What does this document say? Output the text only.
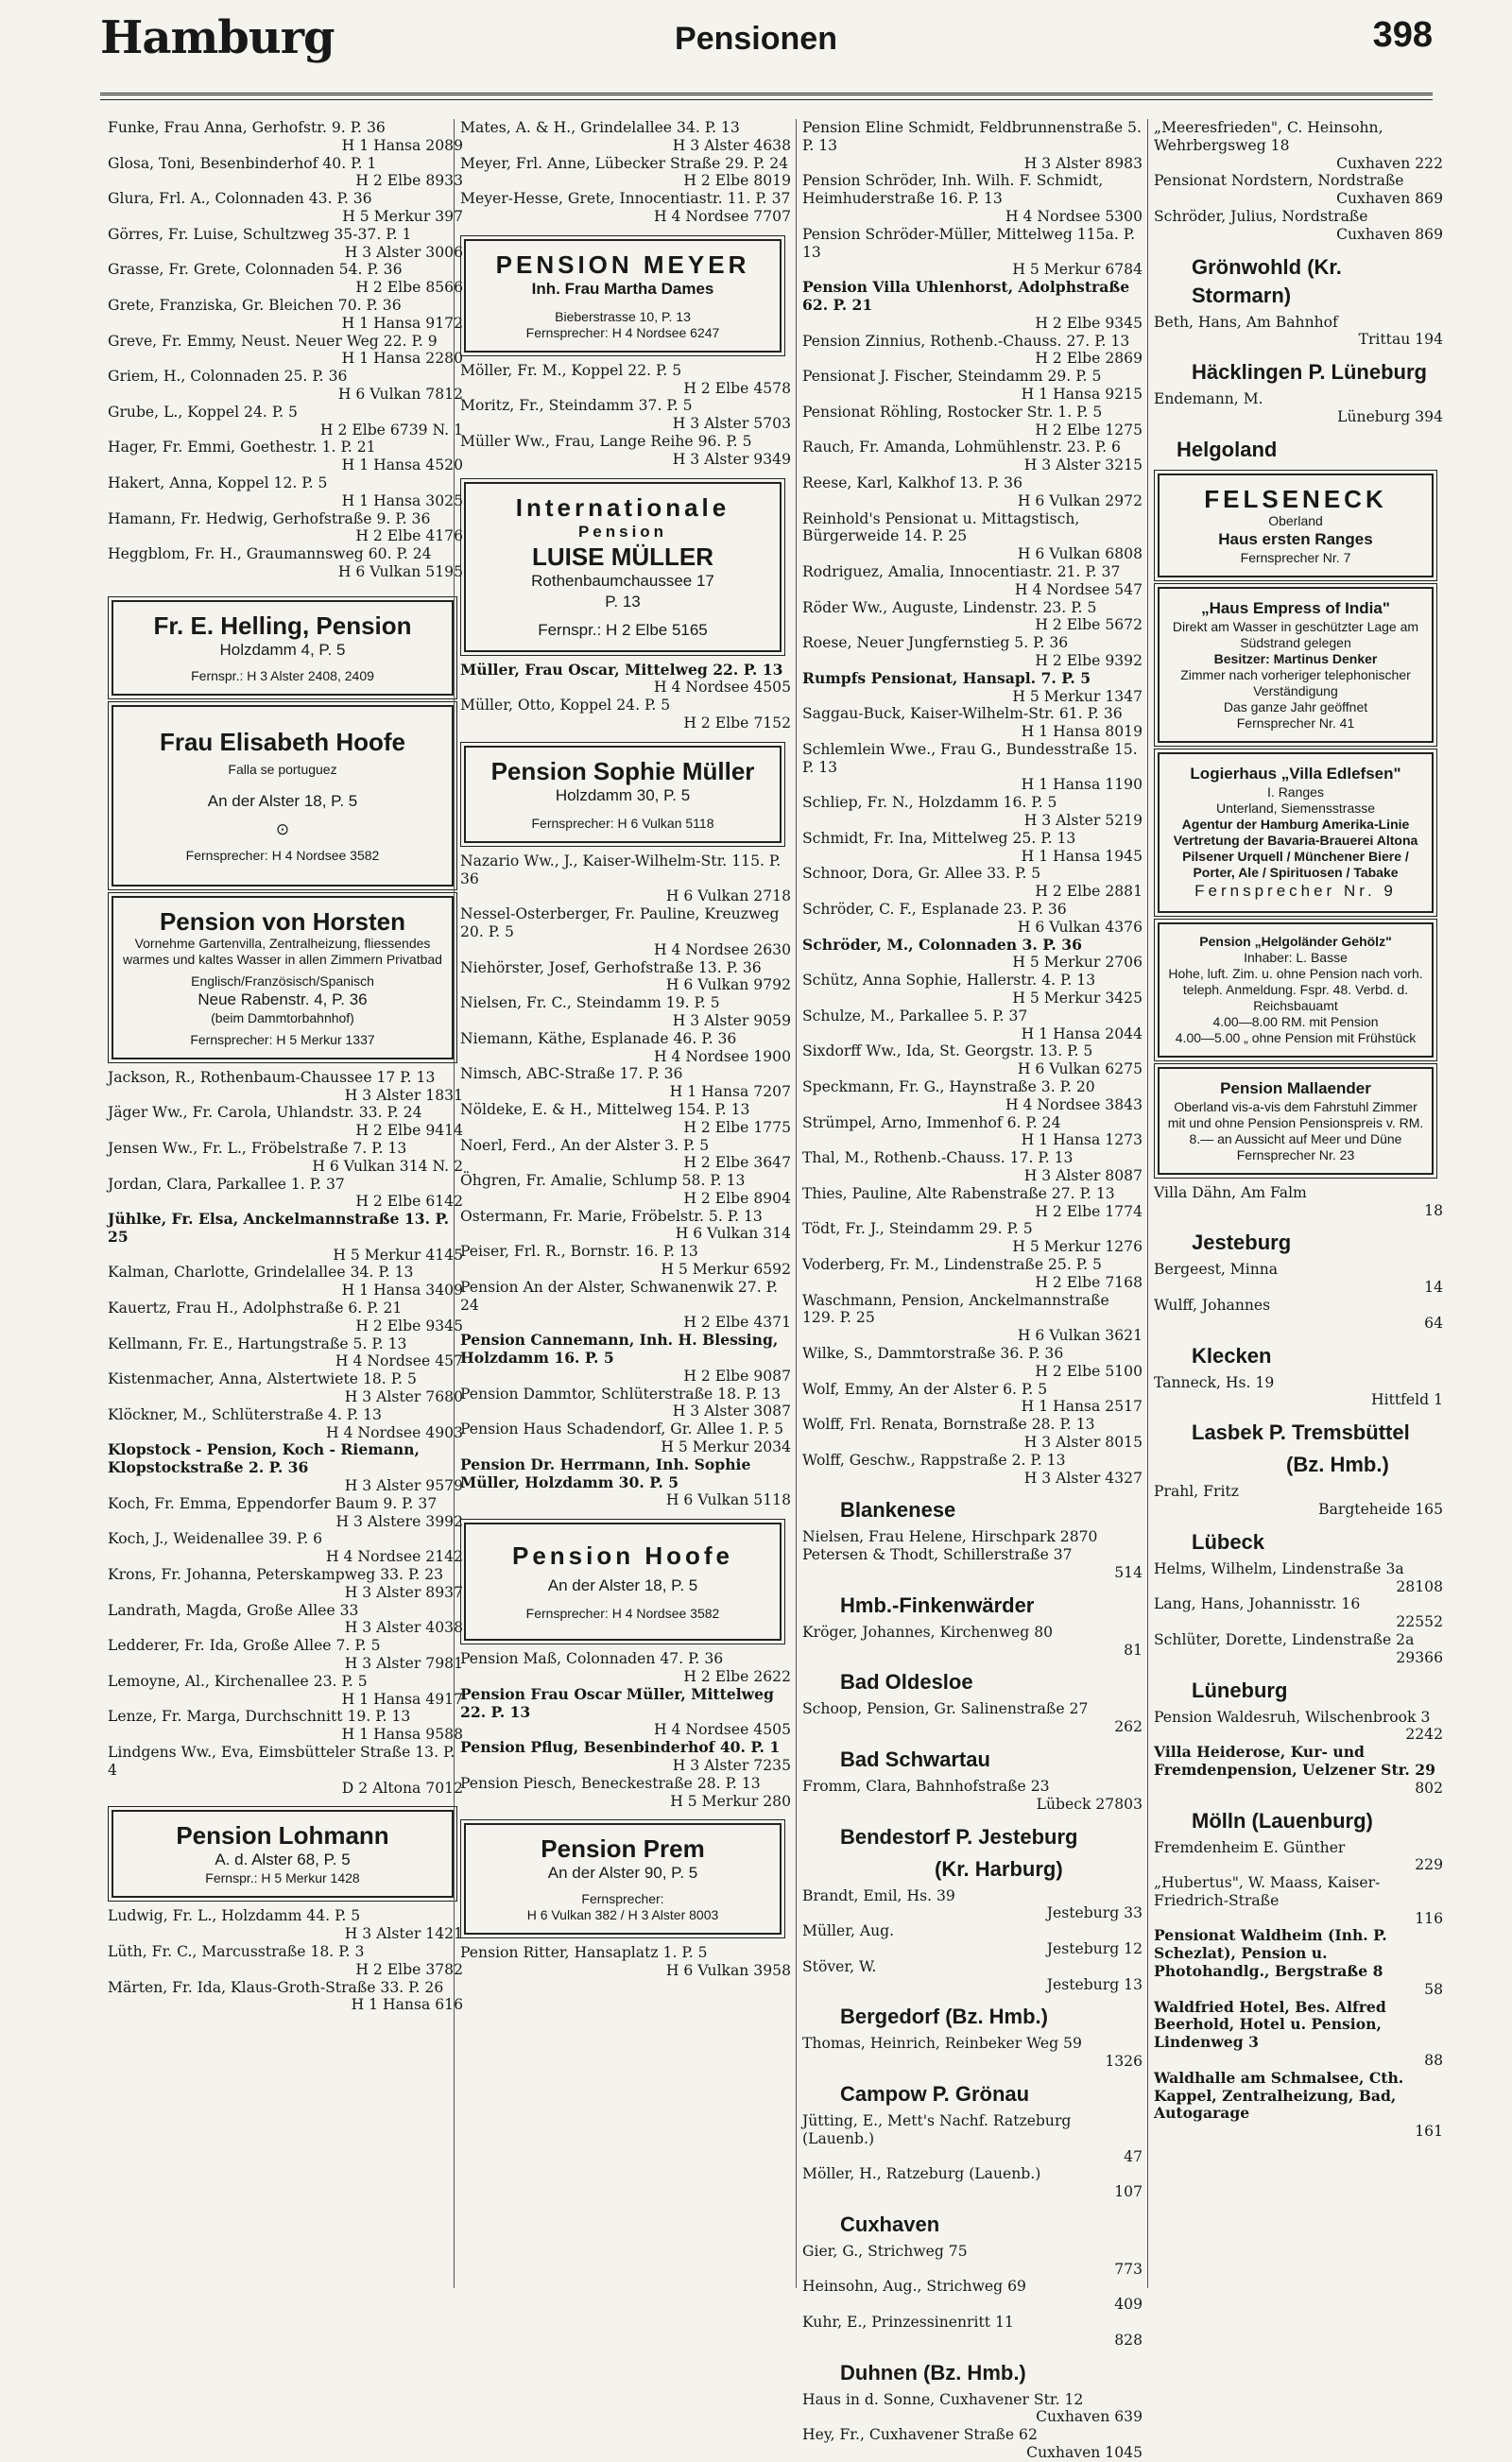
Hamburg	Pensionen	398

Funke, Frau Anna, Gerhofstr. 9. P. 36
H 1 Hansa 2089

Glosa, Toni, Besenbinderhof 40. P. 1
H 2 Elbe 8933

Glura, Frl. A., Colonnaden 43. P. 36
H 5 Merkur 397

Görres, Fr. Luise, Schultzweg 35-37. P. 1
H 3 Alster 3006

Grasse, Fr. Grete, Colonnaden 54. P. 36
H 2 Elbe 8566

Grete, Franziska, Gr. Bleichen 70. P. 36
H 1 Hansa 9172

Greve, Fr. Emmy, Neust. Neuer Weg 22. P. 9
H 1 Hansa 2280

Griem, H., Colonnaden 25. P. 36
H 6 Vulkan 7812

Grube, L., Koppel 24. P. 5
H 2 Elbe 6739 N. 1

Hager, Fr. Emmi, Goethestr. 1. P. 21
H 1 Hansa 4520

Hakert, Anna, Koppel 12. P. 5
H 1 Hansa 3025

Hamann, Fr. Hedwig, Gerhofstraße 9. P. 36
H 2 Elbe 4176

Heggblom, Fr. H., Graumannsweg 60. P. 24
H 6 Vulkan 5195

Fr. E. Helling, Pension
Holzdamm 4, P. 5
Fernspr.: H 3 Alster 2408, 2409
Frau Elisabeth Hoofe
Falla se portuguez
An der Alster 18, P. 5
⊙
Fernsprecher: H 4 Nordsee 3582
Pension von Horsten
Vornehme Gartenvilla, Zentralheizung, fliessendes warmes und kaltes Wasser in allen Zimmern Privatbad
Englisch/Französisch/Spanisch
Neue Rabenstr. 4, P. 36
(beim Dammtorbahnhof)
Fernsprecher: H 5 Merkur 1337

Jackson, R., Rothenbaum-Chaussee 17 P. 13
H 3 Alster 1831

Jäger Ww., Fr. Carola, Uhlandstr. 33. P. 24
H 2 Elbe 9414

Jensen Ww., Fr. L., Fröbelstraße 7. P. 13
H 6 Vulkan 314 N. 2

Jordan, Clara, Parkallee 1. P. 37
H 2 Elbe 6142

Jühlke, Fr. Elsa, Anckelmannstraße 13. P. 25
H 5 Merkur 4145

Kalman, Charlotte, Grindelallee 34. P. 13
H 1 Hansa 3409

Kauertz, Frau H., Adolphstraße 6. P. 21
H 2 Elbe 9345

Kellmann, Fr. E., Hartungstraße 5. P. 13
H 4 Nordsee 457

Kistenmacher, Anna, Alstertwiete 18. P. 5
H 3 Alster 7680

Klöckner, M., Schlüterstraße 4. P. 13
H 4 Nordsee 4903

Klopstock - Pension, Koch - Riemann, Klopstockstraße 2. P. 36
H 3 Alster 9579

Koch, Fr. Emma, Eppendorfer Baum 9. P. 37
H 3 Alstere 3992

Koch, J., Weidenallee 39. P. 6
H 4 Nordsee 2142

Krons, Fr. Johanna, Peterskampweg 33. P. 23
H 3 Alster 8937

Landrath, Magda, Große Allee 33
H 3 Alster 4038

Ledderer, Fr. Ida, Große Allee 7. P. 5
H 3 Alster 7981

Lemoyne, Al., Kirchenallee 23. P. 5
H 1 Hansa 4917

Lenze, Fr. Marga, Durchschnitt 19. P. 13
H 1 Hansa 9588

Lindgens Ww., Eva, Eimsbütteler Straße 13. P. 4
D 2 Altona 7012

Pension Lohmann
A. d. Alster 68, P. 5
Fernspr.: H 5 Merkur 1428

Ludwig, Fr. L., Holzdamm 44. P. 5
H 3 Alster 1421

Lüth, Fr. C., Marcusstraße 18. P. 3
H 2 Elbe 3782

Märten, Fr. Ida, Klaus-Groth-Straße 33. P. 26
H 1 Hansa 616

Mates, A. & H., Grindelallee 34. P. 13
H 3 Alster 4638

Meyer, Frl. Anne, Lübecker Straße 29. P. 24
H 2 Elbe 8019

Meyer-Hesse, Grete, Innocentiastr. 11. P. 37
H 4 Nordsee 7707

PENSION MEYER
Inh. Frau Martha Dames
Bieberstrasse 10, P. 13
Fernsprecher: H 4 Nordsee 6247

Möller, Fr. M., Koppel 22. P. 5
H 2 Elbe 4578

Moritz, Fr., Steindamm 37. P. 5
H 3 Alster 5703

Müller Ww., Frau, Lange Reihe 96. P. 5
H 3 Alster 9349

Internationale
Pension
LUISE MÜLLER
Rothenbaumchaussee 17
P. 13
Fernspr.: H 2 Elbe 5165

Müller, Frau Oscar, Mittelweg 22. P. 13
H 4 Nordsee 4505

Müller, Otto, Koppel 24. P. 5
H 2 Elbe 7152

Pension Sophie Müller
Holzdamm 30, P. 5
Fernsprecher: H 6 Vulkan 5118

Nazario Ww., J., Kaiser-Wilhelm-Str. 115. P. 36
H 6 Vulkan 2718

Nessel-Osterberger, Fr. Pauline, Kreuzweg 20. P. 5
H 4 Nordsee 2630

Niehörster, Josef, Gerhofstraße 13. P. 36
H 6 Vulkan 9792

Nielsen, Fr. C., Steindamm 19. P. 5
H 3 Alster 9059

Niemann, Käthe, Esplanade 46. P. 36
H 4 Nordsee 1900

Nimsch, ABC-Straße 17. P. 36
H 1 Hansa 7207

Nöldeke, E. & H., Mittelweg 154. P. 13
H 2 Elbe 1775

Noerl, Ferd., An der Alster 3. P. 5
H 2 Elbe 3647

Öhgren, Fr. Amalie, Schlump 58. P. 13
H 2 Elbe 8904

Ostermann, Fr. Marie, Fröbelstr. 5. P. 13
H 6 Vulkan 314

Peiser, Frl. R., Bornstr. 16. P. 13
H 5 Merkur 6592

Pension An der Alster, Schwanenwik 27. P. 24
H 2 Elbe 4371

Pension Cannemann, Inh. H. Blessing, Holzdamm 16. P. 5
H 2 Elbe 9087

Pension Dammtor, Schlüterstraße 18. P. 13
H 3 Alster 3087

Pension Haus Schadendorf, Gr. Allee 1. P. 5
H 5 Merkur 2034

Pension Dr. Herrmann, Inh. Sophie Müller, Holzdamm 30. P. 5
H 6 Vulkan 5118

Pension Hoofe
An der Alster 18, P. 5
Fernsprecher: H 4 Nordsee 3582

Pension Maß, Colonnaden 47. P. 36
H 2 Elbe 2622

Pension Frau Oscar Müller, Mittelweg 22. P. 13
H 4 Nordsee 4505

Pension Pflug, Besenbinderhof 40. P. 1
H 3 Alster 7235

Pension Piesch, Beneckestraße 28. P. 13
H 5 Merkur 280

Pension Prem
An der Alster 90, P. 5
Fernsprecher:
H 6 Vulkan 382 / H 3 Alster 8003

Pension Ritter, Hansaplatz 1. P. 5
H 6 Vulkan 3958

Pension Eline Schmidt, Feldbrunnenstraße 5. P. 13
H 3 Alster 8983

Pension Schröder, Inh. Wilh. F. Schmidt, Heimhuderstraße 16. P. 13
H 4 Nordsee 5300

Pension Schröder-Müller, Mittelweg 115a. P. 13
H 5 Merkur 6784

Pension Villa Uhlenhorst, Adolphstraße 62. P. 21
H 2 Elbe 9345

Pension Zinnius, Rothenb.-Chauss. 27. P. 13
H 2 Elbe 2869

Pensionat J. Fischer, Steindamm 29. P. 5
H 1 Hansa 9215

Pensionat Röhling, Rostocker Str. 1. P. 5
H 2 Elbe 1275

Rauch, Fr. Amanda, Lohmühlenstr. 23. P. 6
H 3 Alster 3215

Reese, Karl, Kalkhof 13. P. 36
H 6 Vulkan 2972

Reinhold's Pensionat u. Mittagstisch, Bürgerweide 14. P. 25
H 6 Vulkan 6808

Rodriguez, Amalia, Innocentiastr. 21. P. 37
H 4 Nordsee 547

Röder Ww., Auguste, Lindenstr. 23. P. 5
H 2 Elbe 5672

Roese, Neuer Jungfernstieg 5. P. 36
H 2 Elbe 9392

Rumpfs Pensionat, Hansapl. 7. P. 5
H 5 Merkur 1347

Saggau-Buck, Kaiser-Wilhelm-Str. 61. P. 36
H 1 Hansa 8019

Schlemlein Wwe., Frau G., Bundesstraße 15. P. 13
H 1 Hansa 1190

Schliep, Fr. N., Holzdamm 16. P. 5
H 3 Alster 5219

Schmidt, Fr. Ina, Mittelweg 25. P. 13
H 1 Hansa 1945

Schnoor, Dora, Gr. Allee 33. P. 5
H 2 Elbe 2881

Schröder, C. F., Esplanade 23. P. 36
H 6 Vulkan 4376

Schröder, M., Colonnaden 3. P. 36
H 5 Merkur 2706

Schütz, Anna Sophie, Hallerstr. 4. P. 13
H 5 Merkur 3425

Schulze, M., Parkallee 5. P. 37
H 1 Hansa 2044

Sixdorff Ww., Ida, St. Georgstr. 13. P. 5
H 6 Vulkan 6275

Speckmann, Fr. G., Haynstraße 3. P. 20
H 4 Nordsee 3843

Strümpel, Arno, Immenhof 6. P. 24
H 1 Hansa 1273

Thal, M., Rothenb.-Chauss. 17. P. 13
H 3 Alster 8087

Thies, Pauline, Alte Rabenstraße 27. P. 13
H 2 Elbe 1774

Tödt, Fr. J., Steindamm 29. P. 5
H 5 Merkur 1276

Voderberg, Fr. M., Lindenstraße 25. P. 5
H 2 Elbe 7168

Waschmann, Pension, Anckelmannstraße 129. P. 25
H 6 Vulkan 3621

Wilke, S., Dammtorstraße 36. P. 36
H 2 Elbe 5100

Wolf, Emmy, An der Alster 6. P. 5
H 1 Hansa 2517

Wolff, Frl. Renata, Bornstraße 28. P. 13
H 3 Alster 8015

Wolff, Geschw., Rappstraße 2. P. 13
H 3 Alster 4327

Blankenese

Nielsen, Frau Helene, Hirschpark 2870

Petersen & Thodt, Schillerstraße 37
514

Hmb.-Finkenwärder

Kröger, Johannes, Kirchenweg 80
81

Bad Oldesloe

Schoop, Pension, Gr. Salinenstraße 27
262

Bad Schwartau

Fromm, Clara, Bahnhofstraße 23
Lübeck 27803

Bendestorf P. Jesteburg
(Kr. Harburg)

Brandt, Emil, Hs. 39
Jesteburg 33

Müller, Aug.
Jesteburg 12

Stöver, W.
Jesteburg 13

Bergedorf (Bz. Hmb.)

Thomas, Heinrich, Reinbeker Weg 59
1326

Campow P. Grönau

Jütting, E., Mett's Nachf. Ratzeburg (Lauenb.)
47

Möller, H., Ratzeburg (Lauenb.)
107

Cuxhaven

Gier, G., Strichweg 75
773

Heinsohn, Aug., Strichweg 69
409

Kuhr, E., Prinzessinenritt 11
828

Duhnen (Bz. Hmb.)

Haus in d. Sonne, Cuxhavener Str. 12
Cuxhaven 639

Hey, Fr., Cuxhavener Straße 62
Cuxhaven 1045

„Meeresfrieden", C. Heinsohn, Wehrbergsweg 18
Cuxhaven 222

Pensionat Nordstern, Nordstraße
Cuxhaven 869

Schröder, Julius, Nordstraße
Cuxhaven 869

Grönwohld (Kr. Stormarn)

Beth, Hans, Am Bahnhof
Trittau 194

Häcklingen P. Lüneburg

Endemann, M.
Lüneburg 394

Helgoland
FELSENECK
Oberland
Haus ersten Ranges
Fernsprecher Nr. 7
„Haus Empress of India"
Direkt am Wasser in geschützter Lage am Südstrand gelegen
Besitzer: Martinus Denker
Zimmer nach vorheriger telephonischer Verständigung
Das ganze Jahr geöffnet
Fernsprecher Nr. 41
Logierhaus „Villa Edlefsen"
I. Ranges
Unterland, Siemensstrasse
Agentur der Hamburg Amerika-Linie
Vertretung der Bavaria-Brauerei Altona
Pilsener Urquell / Münchener Biere / Porter, Ale / Spirituosen / Tabake
Fernsprecher Nr. 9
Pension „Helgoländer Gehölz"
Inhaber: L. Basse
Hohe, luft. Zim. u. ohne Pension nach vorh. teleph. Anmeldung. Fspr. 48. Verbd. d. Reichsbauamt
4.00—8.00 RM. mit Pension
4.00—5.00 „ ohne Pension mit Frühstück
Pension Mallaender
Oberland vis-a-vis dem Fahrstuhl Zimmer mit und ohne Pension Pensionspreis v. RM. 8.— an Aussicht auf Meer und Düne
Fernsprecher Nr. 23

Villa Dähn, Am Falm
18

Jesteburg

Bergeest, Minna
14

Wulff, Johannes
64

Klecken

Tanneck, Hs. 19
Hittfeld 1

Lasbek P. Tremsbüttel
(Bz. Hmb.)

Prahl, Fritz
Bargteheide 165

Lübeck

Helms, Wilhelm, Lindenstraße 3a
28108

Lang, Hans, Johannisstr. 16
22552

Schlüter, Dorette, Lindenstraße 2a
29366

Lüneburg

Pension Waldesruh, Wilschenbrook 3
2242

Villa Heiderose, Kur- und Fremdenpension, Uelzener Str. 29
802

Mölln (Lauenburg)

Fremdenheim E. Günther
229

„Hubertus", W. Maass, Kaiser-Friedrich-Straße
116

Pensionat Waldheim (Inh. P. Schezlat), Pension u. Photohandlg., Bergstraße 8
58

Waldfried Hotel, Bes. Alfred Beerhold, Hotel u. Pension, Lindenweg 3
88

Waldhalle am Schmalsee, Cth. Kappel, Zentralheizung, Bad, Autogarage
161
